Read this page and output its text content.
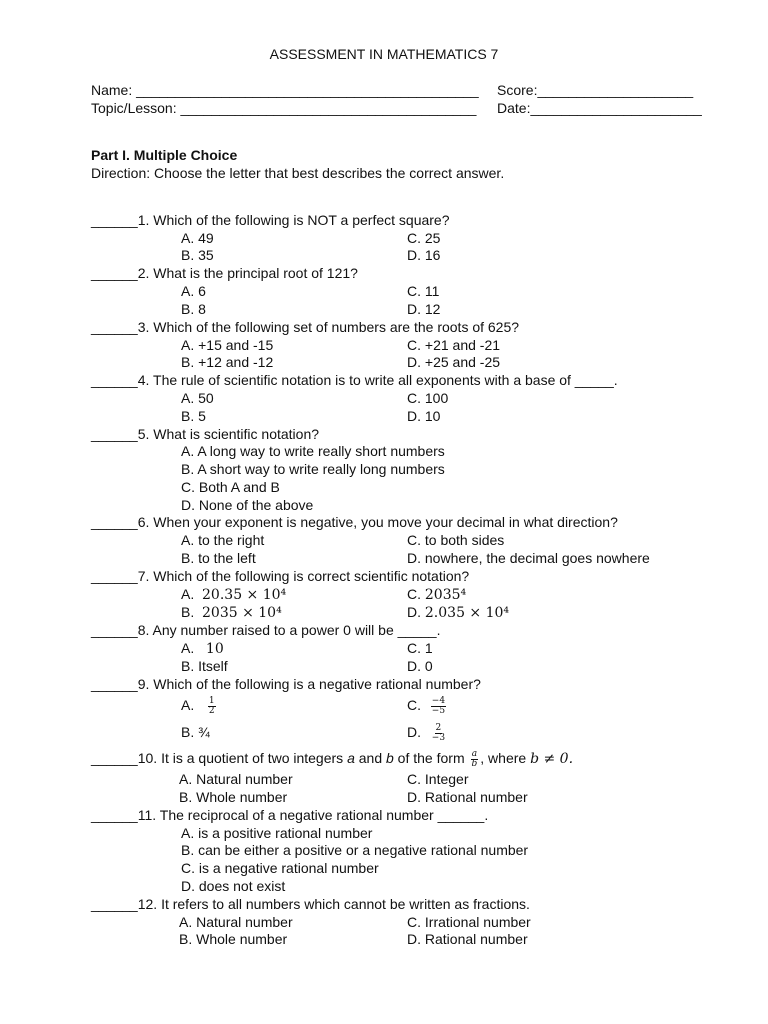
ASSESSMENT IN MATHEMATICS 7
Name: ____________________________________________
Topic/Lesson: ______________________________________
Score:____________________
Date:______________________
Part I. Multiple Choice
Direction: Choose the letter that best describes the correct answer.
______1. Which of the following is NOT a perfect square?
A. 49	C. 25
B. 35	D. 16
______2. What is the principal root of 121?
A. 6	C. 11
B. 8	D. 12
______3. Which of the following set of numbers are the roots of 625?
A. +15 and -15	C. +21 and -21
B. +12 and -12	D. +25 and -25
______4. The rule of scientific notation is to write all exponents with a base of _____.
A. 50	C. 100
B. 5	D. 10
______5. What is scientific notation?
A. A long way to write really short numbers
B. A short way to write really long numbers
C. Both A and B
D. None of the above
______6. When your exponent is negative, you move your decimal in what direction?
A. to the right	C. to both sides
B. to the left	D. nowhere, the decimal goes nowhere
______7. Which of the following is correct scientific notation?
A. 20.35 × 10⁴	C. 2035⁴
B. 2035 × 10⁴	D. 2.035 × 10⁴
______8. Any number raised to a power 0 will be _____.
A. 10	C. 1
B. Itself	D. 0
______9. Which of the following is a negative rational number?
A. $\frac{1}{2}$	C. $\frac{-4}{-5}$
B. ¾	D. $\frac{2}{-3}$
______10. It is a quotient of two integers a and b of the form $\frac{a}{b}$ , where b ≠ 0.
A. Natural number	C. Integer
B. Whole number	D. Rational number
______11. The reciprocal of a negative rational number ______.
A. is a positive rational number
B. can be either a positive or a negative rational number
C. is a negative rational number
D. does not exist
______12. It refers to all numbers which cannot be written as fractions.
A. Natural number	C. Irrational number
B. Whole number	D. Rational number
